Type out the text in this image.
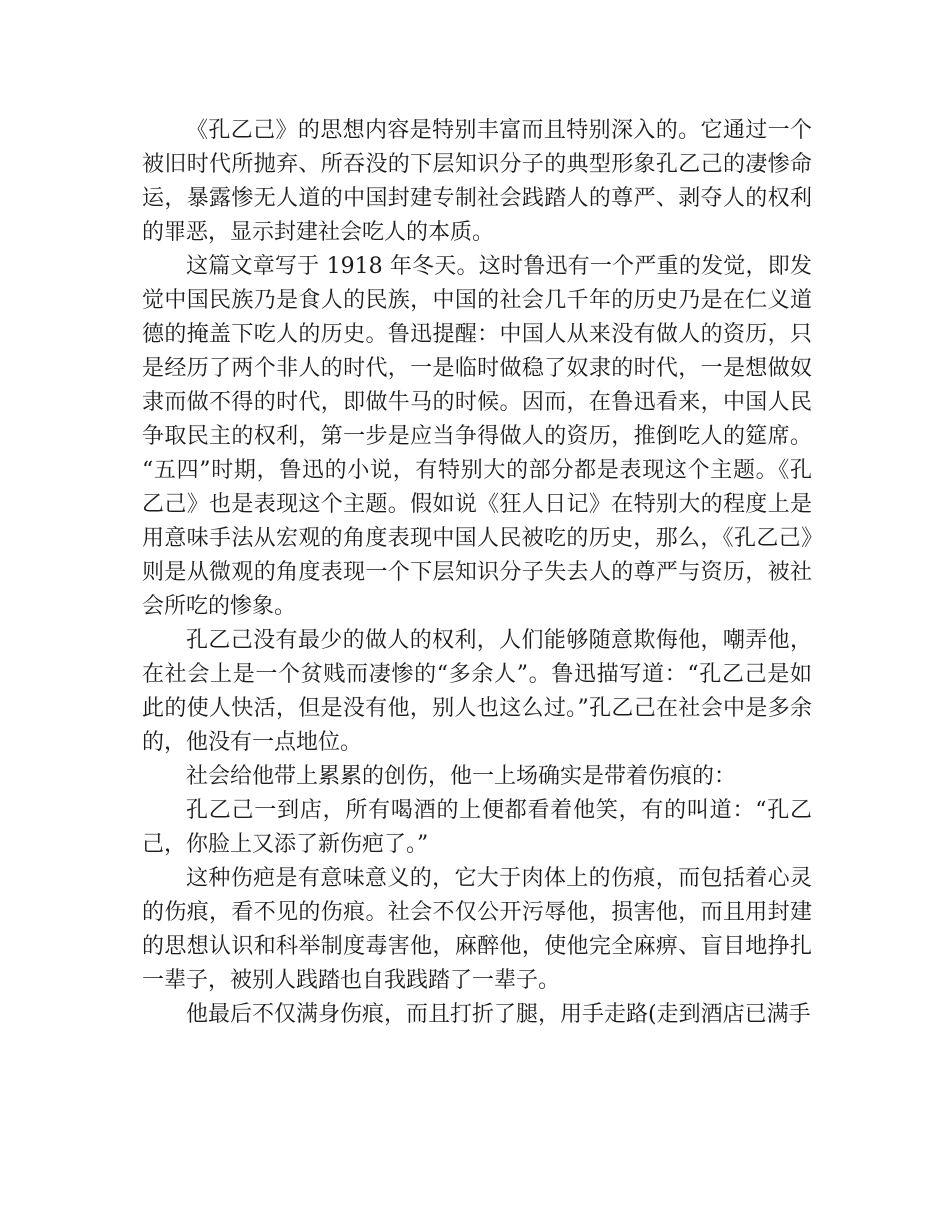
《孔乙己》的思想内容是特别丰富而且特别深入的。它通过一个被旧时代所抛弃、所吞没的下层知识分子的典型形象孔乙己的凄惨命运，暴露惨无人道的中国封建专制社会践踏人的尊严、剥夺人的权利的罪恶，显示封建社会吃人的本质。

这篇文章写于 1918 年冬天。这时鲁迅有一个严重的发觉，即发觉中国民族乃是食人的民族，中国的社会几千年的历史乃是在仁义道德的掩盖下吃人的历史。鲁迅提醒：中国人从来没有做人的资历，只是经历了两个非人的时代，一是临时做稳了奴隶的时代，一是想做奴隶而做不得的时代，即做牛马的时候。因而，在鲁迅看来，中国人民争取民主的权利，第一步是应当争得做人的资历，推倒吃人的筵席。“五四”时期，鲁迅的小说，有特别大的部分都是表现这个主题。《孔乙己》也是表现这个主题。假如说《狂人日记》在特别大的程度上是用意味手法从宏观的角度表现中国人民被吃的历史，那么，《孔乙己》则是从微观的角度表现一个下层知识分子失去人的尊严与资历，被社会所吃的惨象。

孔乙己没有最少的做人的权利，人们能够随意欺侮他，嘲弄他，在社会上是一个贫贱而凄惨的“多余人”。鲁迅描写道：“孔乙己是如此的使人快活，但是没有他，别人也这么过。”孔乙己在社会中是多余的，他没有一点地位。

社会给他带上累累的创伤，他一上场确实是带着伤痕的：

孔乙己一到店，所有喝酒的上便都看着他笑，有的叫道：“孔乙己，你脸上又添了新伤疤了。”

这种伤疤是有意味意义的，它大于肉体上的伤痕，而包括着心灵的伤痕，看不见的伤痕。社会不仅公开污辱他，损害他，而且用封建的思想认识和科举制度毒害他，麻醉他，使他完全麻痹、盲目地挣扎一辈子，被别人践踏也自我践踏了一辈子。

他最后不仅满身伤痕，而且打折了腿，用手走路(走到酒店已满手
